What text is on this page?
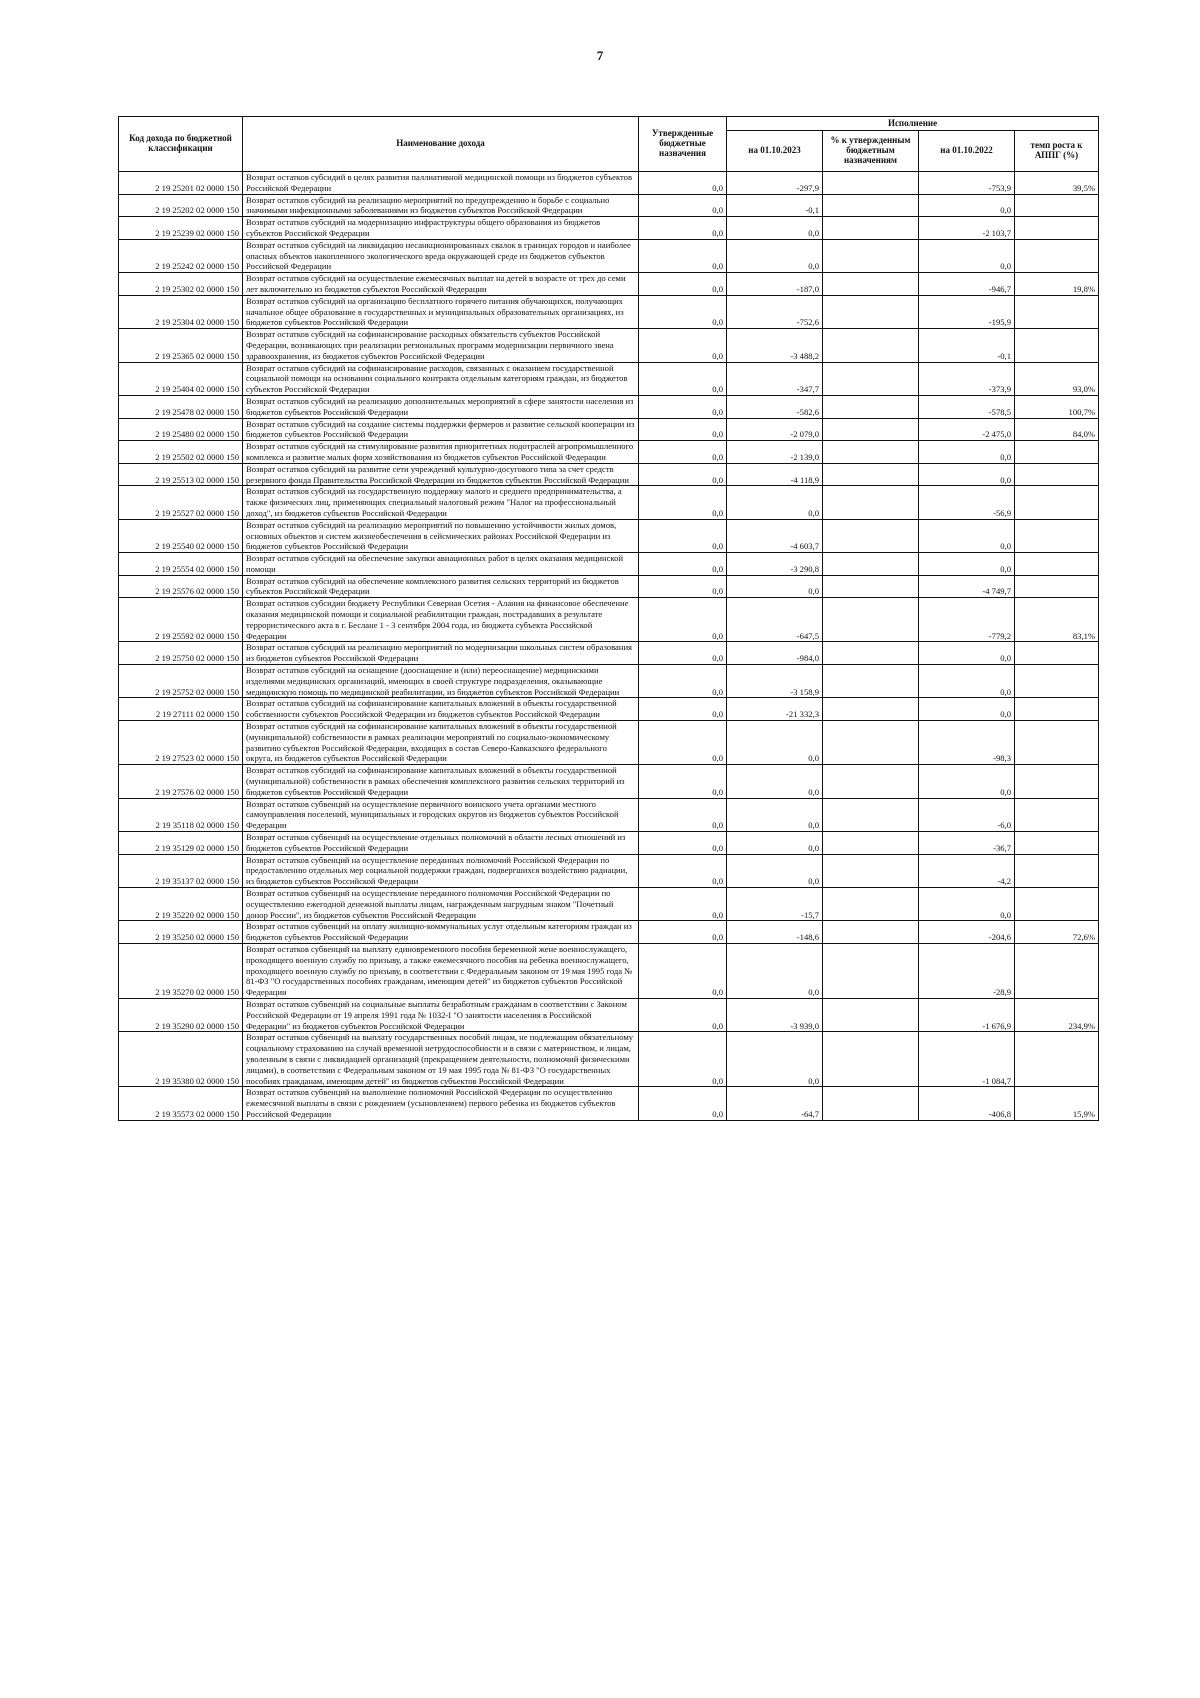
7
Код дохода по бюджетной классификации	Наименование дохода	Утвержденные бюджетные назначения	Исполнение			
			на 01.10.2023	% к утвержденным бюджетным назначениям	на 01.10.2022	темп роста к АППГ (%)
2 19 25201 02 0000 150	Возврат остатков субсидий в целях развития паллиативной медицинской помощи из бюджетов субъектов Российской Федерации	0,0	-297,9		-753,9	39,5%
2 19 25202 02 0000 150	Возврат остатков субсидий на реализацию мероприятий по предупреждению и борьбе с социально значимыми инфекционными заболеваниями из бюджетов субъектов Российской Федерации	0,0	-0,1		0,0	
2 19 25239 02 0000 150	Возврат остатков субсидий на модернизацию инфраструктуры общего образования из бюджетов субъектов Российской Федерации	0,0	0,0		-2 103,7	
2 19 25242 02 0000 150	Возврат остатков субсидий на ликвидацию несанкционированных свалок в границах городов и наиболее опасных объектов накопленного экологического вреда окружающей среде из бюджетов субъектов Российской Федерации	0,0	0,0		0,0	
2 19 25302 02 0000 150	Возврат остатков субсидий на осуществление ежемесячных выплат на детей в возрасте от трех до семи лет включительно из бюджетов субъектов Российской Федерации	0,0	-187,0		-946,7	19,8%
2 19 25304 02 0000 150	Возврат остатков субсидий на организацию бесплатного горячего питания обучающихся, получающих начальное общее образование в государственных и муниципальных образовательных организациях, из бюджетов субъектов Российской Федерации	0,0	-752,6		-195,9	
2 19 25365 02 0000 150	Возврат остатков субсидий на софинансирование расходных обязательств субъектов Российской Федерации, возникающих при реализации региональных программ модернизации первичного звена здравоохранения, из бюджетов субъектов Российской Федерации	0,0	-3 488,2		-0,1	
2 19 25404 02 0000 150	Возврат остатков субсидий на софинансирование расходов, связанных с оказанием государственной социальной помощи на основании социального контракта отдельным категориям граждан, из бюджетов субъектов Российской Федерации	0,0	-347,7		-373,9	93,0%
2 19 25478 02 0000 150	Возврат остатков субсидий на реализацию дополнительных мероприятий в сфере занятости населения из бюджетов субъектов Российской Федерации	0,0	-582,6		-578,5	100,7%
2 19 25480 02 0000 150	Возврат остатков субсидий на создание системы поддержки фермеров и развитие сельской кооперации из бюджетов субъектов Российской Федерации	0,0	-2 079,0		-2 475,0	84,0%
2 19 25502 02 0000 150	Возврат остатков субсидий на стимулирование развития приоритетных подотраслей агропромышленного комплекса и развитие малых форм хозяйствования из бюджетов субъектов Российской Федерации	0,0	-2 139,0		0,0	
2 19 25513 02 0000 150	Возврат остатков субсидий на развитие сети учреждений культурно-досугового типа за счет средств резервного фонда Правительства Российской Федерации из бюджетов субъектов Российской Федерации	0,0	-4 118,9		0,0	
2 19 25527 02 0000 150	Возврат остатков субсидий на государственную поддержку малого и среднего предпринимательства, а также физических лиц, применяющих специальный налоговый режим "Налог на профессиональный доход", из бюджетов субъектов Российской Федерации	0,0	0,0		-56,9	
2 19 25540 02 0000 150	Возврат остатков субсидий на реализацию мероприятий по повышению устойчивости жилых домов, основных объектов и систем жизнеобеспечения в сейсмических районах Российской Федерации из бюджетов субъектов Российской Федерации	0,0	-4 603,7		0,0	
2 19 25554 02 0000 150	Возврат остатков субсидий на обеспечение закупки авиационных работ в целях оказания медицинской помощи	0,0	-3 290,8		0,0	
2 19 25576 02 0000 150	Возврат остатков субсидий на обеспечение комплексного развития сельских территорий из бюджетов субъектов Российской Федерации	0,0	0,0		-4 749,7	
2 19 25592 02 0000 150	Возврат остатков субсидии бюджету Республики Северная Осетия - Алания на финансовое обеспечение оказания медицинской помощи и социальной реабилитации граждан, пострадавших в результате террористического акта в г. Беслане 1 - 3 сентября 2004 года, из бюджета субъекта Российской Федерации	0,0	-647,5		-779,2	83,1%
2 19 25750 02 0000 150	Возврат остатков субсидий на реализацию мероприятий по модернизации школьных систем образования из бюджетов субъектов Российской Федерации	0,0	-984,0		0,0	
2 19 25752 02 0000 150	Возврат остатков субсидий на оснащение (дооснащение и (или) переоснащение) медицинскими изделиями медицинских организаций, имеющих в своей структуре подразделения, оказывающие медицинскую помощь по медицинской реабилитации, из бюджетов субъектов Российской Федерации	0,0	-3 158,9		0,0	
2 19 27111 02 0000 150	Возврат остатков субсидий на софинансирование капитальных вложений в объекты государственной собственности субъектов Российской Федерации из бюджетов субъектов Российской Федерации	0,0	-21 332,3		0,0	
2 19 27523 02 0000 150	Возврат остатков субсидий на софинансирование капитальных вложений в объекты государственной (муниципальной) собственности в рамках реализации мероприятий по социально-экономическому развитию субъектов Российской Федерации, входящих в состав Северо-Кавказского федерального округа, из бюджетов субъектов Российской Федерации	0,0	0,0		-98,3	
2 19 27576 02 0000 150	Возврат остатков субсидий на софинансирование капитальных вложений в объекты государственной (муниципальной) собственности в рамках обеспечения комплексного развития сельских территорий из бюджетов субъектов Российской Федерации	0,0	0,0		0,0	
2 19 35118 02 0000 150	Возврат остатков субвенций на осуществление первичного воинского учета органами местного самоуправления поселений, муниципальных и городских округов из бюджетов субъектов Российской Федерации	0,0	0,0		-6,0	
2 19 35129 02 0000 150	Возврат остатков субвенций на осуществление отдельных полномочий в области лесных отношений из бюджетов субъектов Российской Федерации	0,0	0,0		-36,7	
2 19 35137 02 0000 150	Возврат остатков субвенций на осуществление переданных полномочий Российской Федерации по предоставлению отдельных мер социальной поддержки граждан, подвергшихся воздействию радиации, из бюджетов субъектов Российской Федерации	0,0	0,0		-4,2	
2 19 35220 02 0000 150	Возврат остатков субвенций на осуществление переданного полномочия Российской Федерации по осуществлению ежегодной денежной выплаты лицам, награжденным нагрудным знаком "Почетный донор России", из бюджетов субъектов Российской Федерации	0,0	-15,7		0,0	
2 19 35250 02 0000 150	Возврат остатков субвенций на оплату жилищно-коммунальных услуг отдельным категориям граждан из бюджетов субъектов Российской Федерации	0,0	-148,6		-204,6	72,6%
2 19 35270 02 0000 150	Возврат остатков субвенций на выплату единовременного пособия беременной жене военнослужащего, проходящего военную службу по призыву, а также ежемесячного пособия на ребенка военнослужащего, проходящего военную службу по призыву, в соответствии с Федеральным законом от 19 мая 1995 года № 81-ФЗ "О государственных пособиях гражданам, имеющим детей" из бюджетов субъектов Российской Федерации	0,0	0,0		-28,9	
2 19 35290 02 0000 150	Возврат остатков субвенций на социальные выплаты безработным гражданам в соответствии с Законом Российской Федерации от 19 апреля 1991 года № 1032-I "О занятости населения в Российской Федерации" из бюджетов субъектов Российской Федерации	0,0	-3 939,0		-1 676,9	234,9%
2 19 35380 02 0000 150	Возврат остатков субвенций на выплату государственных пособий лицам, не подлежащим обязательному социальному страхованию на случай временной нетрудоспособности и в связи с материнством, и лицам, уволенным в связи с ликвидацией организаций (прекращением деятельности, полномочий физическими лицами), в соответствии с Федеральным законом от 19 мая 1995 года № 81-ФЗ "О государственных пособиях гражданам, имеющим детей" из бюджетов субъектов Российской Федерации	0,0	0,0		-1 084,7	
2 19 35573 02 0000 150	Возврат остатков субвенций на выполнение полномочий Российской Федерации по осуществлению ежемесячной выплаты в связи с рождением (усыновлением) первого ребенка из бюджетов субъектов Российской Федерации	0,0	-64,7		-406,8	15,9%
